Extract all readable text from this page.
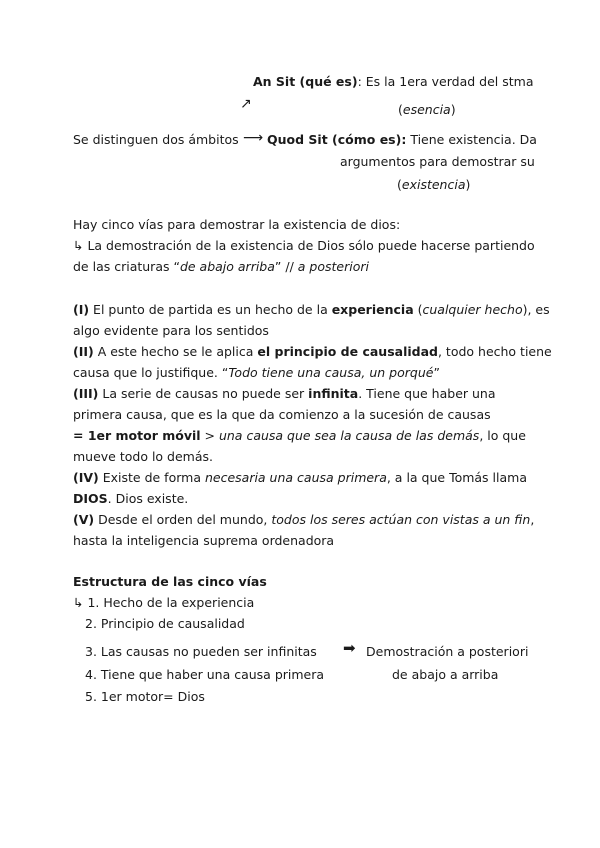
An Sit (qué es): Es la 1era verdad del stma
↗	(esencia)
Se distinguen dos ámbitos ⟶ Quod Sit (cómo es): Tiene existencia. Da
argumentos para demostrar su
(existencia)
Hay cinco vías para demostrar la existencia de dios:
↳ La demostración de la existencia de Dios sólo puede hacerse partiendo
de las criaturas “de abajo arriba” // a posteriori
(I) El punto de partida es un hecho de la experiencia (cualquier hecho), es
algo evidente para los sentidos
(II) A este hecho se le aplica el principio de causalidad, todo hecho tiene
causa que lo justifique. “Todo tiene una causa, un porqué”
(III) La serie de causas no puede ser infinita. Tiene que haber una
primera causa, que es la que da comienzo a la sucesión de causas
= 1er motor móvil > una causa que sea la causa de las demás, lo que
mueve todo lo demás.
(IV) Existe de forma necesaria una causa primera, a la que Tomás llama
DIOS. Dios existe.
(V) Desde el orden del mundo, todos los seres actúan con vistas a un fin,
hasta la inteligencia suprema ordenadora
Estructura de las cinco vías
↳ 1. Hecho de la experiencia
2. Principio de causalidad
3. Las causas no pueden ser infinitas ➡ Demostración a posteriori
4. Tiene que haber una causa primera	de abajo a arriba
5. 1er motor= Dios
